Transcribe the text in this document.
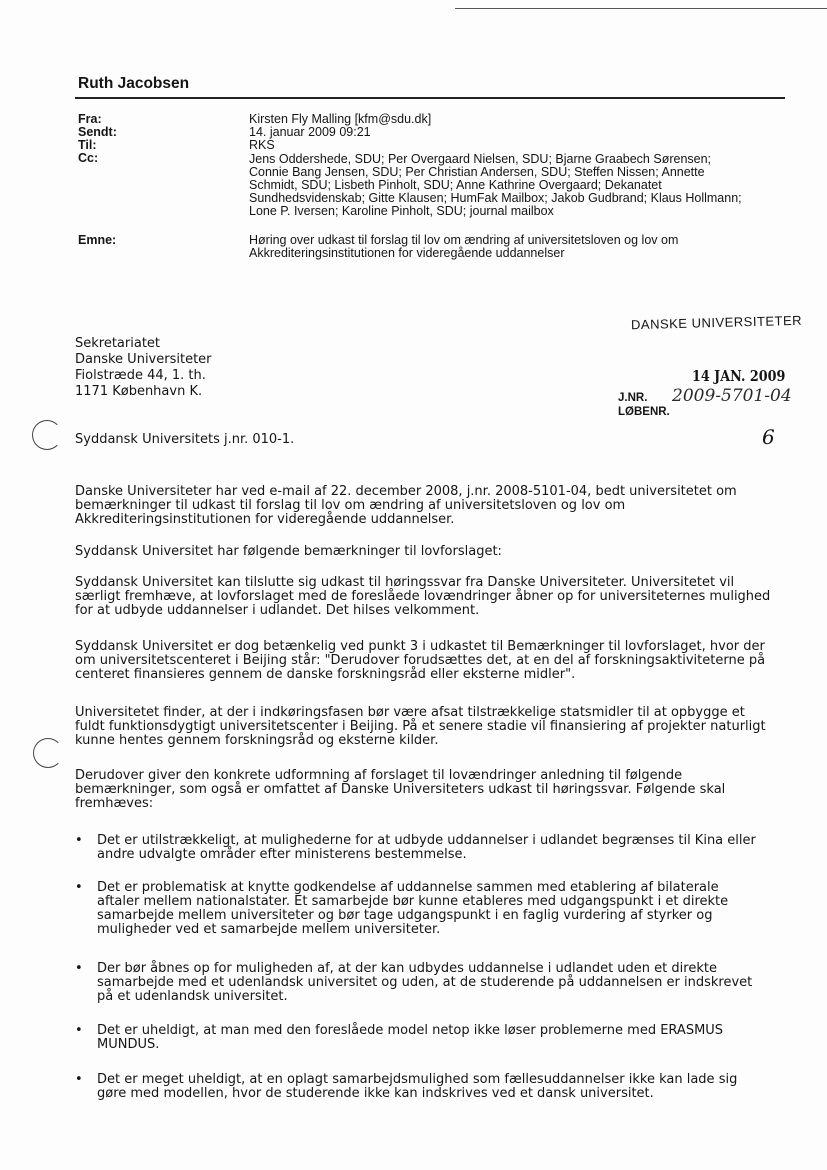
Ruth Jacobsen
Fra:
Sendt:
Til:
Cc:
Emne:
Kirsten Fly Malling [kfm@sdu.dk]
14. januar 2009 09:21
RKS
Jens Oddershede, SDU; Per Overgaard Nielsen, SDU; Bjarne Graabech Sørensen;
Connie Bang Jensen, SDU; Per Christian Andersen, SDU; Steffen Nissen; Annette
Schmidt, SDU; Lisbeth Pinholt, SDU; Anne Kathrine Overgaard; Dekanatet
Sundhedsvidenskab; Gitte Klausen; HumFak Mailbox; Jakob Gudbrand; Klaus Hollmann;
Lone P. Iversen; Karoline Pinholt, SDU; journal mailbox
Høring over udkast til forslag til lov om ændring af universitetsloven og lov om
Akkrediteringsinstitutionen for videregående uddannelser
DANSKE UNIVERSITETER
14 JAN. 2009
J.NR. 2009-5701-04
LØBENR.
6
Sekretariatet
Danske Universiteter
Fiolstræde 44, 1. th.
1171 København K.
Syddansk Universitets j.nr. 010-1.
Danske Universiteter har ved e-mail af 22. december 2008, j.nr. 2008-5101-04, bedt universitetet om bemærkninger til udkast til forslag til lov om ændring af universitetsloven og lov om Akkrediteringsinstitutionen for videregående uddannelser.
Syddansk Universitet har følgende bemærkninger til lovforslaget:
Syddansk Universitet kan tilslutte sig udkast til høringssvar fra Danske Universiteter. Universitetet vil særligt fremhæve, at lovforslaget med de foreslåede lovændringer åbner op for universiteternes mulighed for at udbyde uddannelser i udlandet. Det hilses velkomment.
Syddansk Universitet er dog betænkelig ved punkt 3 i udkastet til Bemærkninger til lovforslaget, hvor der om universitetscenteret i Beijing står: "Derudover forudsættes det, at en del af forskningsaktiviteterne på centeret finansieres gennem de danske forskningsråd eller eksterne midler".
Universitetet finder, at der i indkøringsfasen bør være afsat tilstrækkelige statsmidler til at opbygge et fuldt funktionsdygtigt universitetscenter i Beijing. På et senere stadie vil finansiering af projekter naturligt kunne hentes gennem forskningsråd og eksterne kilder.
Derudover giver den konkrete udformning af forslaget til lovændringer anledning til følgende bemærkninger, som også er omfattet af Danske Universiteters udkast til høringssvar. Følgende skal fremhæves:
• Det er utilstrækkeligt, at mulighederne for at udbyde uddannelser i udlandet begrænses til Kina eller andre udvalgte områder efter ministerens bestemmelse.
• Det er problematisk at knytte godkendelse af uddannelse sammen med etablering af bilaterale aftaler mellem nationalstater. Et samarbejde bør kunne etableres med udgangspunkt i et direkte samarbejde mellem universiteter og bør tage udgangspunkt i en faglig vurdering af styrker og muligheder ved et samarbejde mellem universiteter.
• Der bør åbnes op for muligheden af, at der kan udbydes uddannelse i udlandet uden et direkte samarbejde med et udenlandsk universitet og uden, at de studerende på uddannelsen er indskrevet på et udenlandsk universitet.
• Det er uheldigt, at man med den foreslåede model netop ikke løser problemerne med ERASMUS MUNDUS.
• Det er meget uheldigt, at en oplagt samarbejdsmulighed som fællesuddannelser ikke kan lade sig gøre med modellen, hvor de studerende ikke kan indskrives ved et dansk universitet.
